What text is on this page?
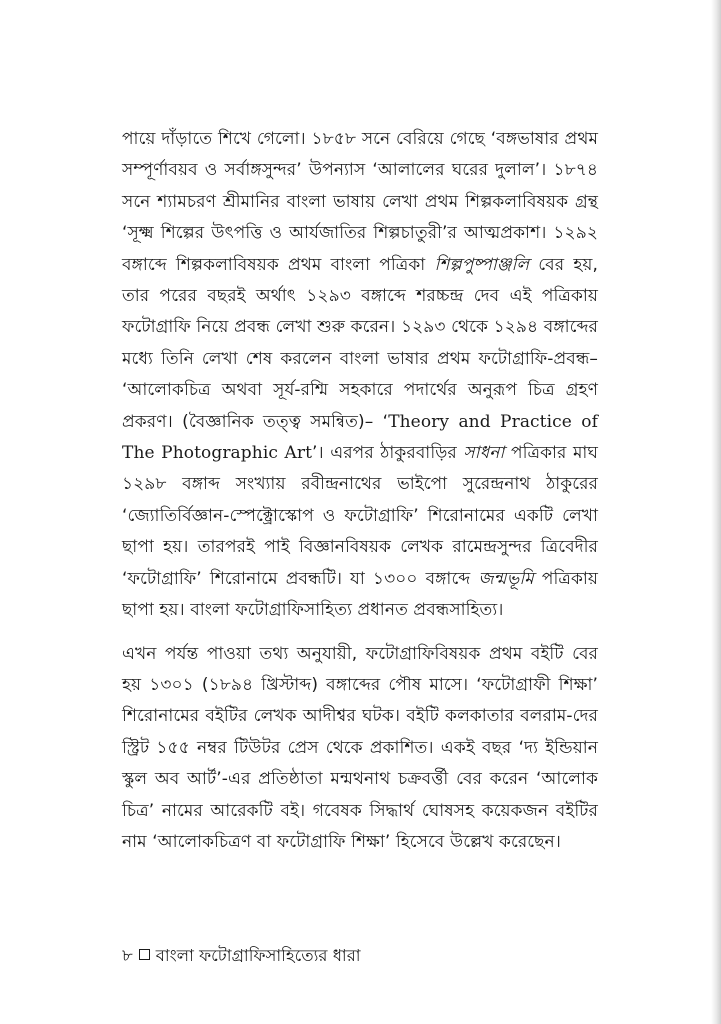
পায়ে দাঁড়াতে শিখে গেলো। ১৮৫৮ সনে বেরিয়ে গেছে ‘বঙ্গভাষার প্রথম সম্পূর্ণাবয়ব ও সর্বাঙ্গসুন্দর’ উপন্যাস ‘আলালের ঘরের দুলাল’। ১৮৭৪ সনে শ্যামচরণ শ্রীমানির বাংলা ভাষায় লেখা প্রথম শিল্পকলাবিষয়ক গ্রন্থ ‘সূক্ষ্ম শিল্পের উৎপত্তি ও আর্যজাতির শিল্পচাতুরী’র আত্মপ্রকাশ। ১২৯২ বঙ্গাব্দে শিল্পকলাবিষয়ক প্রথম বাংলা পত্রিকা শিল্পপুষ্পাঞ্জলি বের হয়, তার পরের বছরই অর্থাৎ ১২৯৩ বঙ্গাব্দে শরচ্চন্দ্র দেব এই পত্রিকায় ফটোগ্রাফি নিয়ে প্রবন্ধ লেখা শুরু করেন। ১২৯৩ থেকে ১২৯৪ বঙ্গাব্দের মধ্যে তিনি লেখা শেষ করলেন বাংলা ভাষার প্রথম ফটোগ্রাফি-প্রবন্ধ– ‘আলোকচিত্র অথবা সূর্য-রশ্মি সহকারে পদার্থের অনুরূপ চিত্র গ্রহণ প্রকরণ। (বৈজ্ঞানিক তত্ত্ব সমন্বিত)– ‘Theory and Practice of The Photographic Art’। এরপর ঠাকুরবাড়ির সাধনা পত্রিকার মাঘ ১২৯৮ বঙ্গাব্দ সংখ্যায় রবীন্দ্রনাথের ভাইপো সুরেন্দ্রনাথ ঠাকুরের ‘জ্যোতির্বিজ্ঞান-স্পেক্ট্রোস্কোপ ও ফটোগ্রাফি’ শিরোনামের একটি লেখা ছাপা হয়। তারপরই পাই বিজ্ঞানবিষয়ক লেখক রামেন্দ্রসুন্দর ত্রিবেদীর ‘ফটোগ্রাফি’ শিরোনামে প্রবন্ধটি। যা ১৩০০ বঙ্গাব্দে জন্মভূমি পত্রিকায় ছাপা হয়। বাংলা ফটোগ্রাফিসাহিত্য প্রধানত প্রবন্ধসাহিত্য।

এখন পর্যন্ত পাওয়া তথ্য অনুযায়ী, ফটোগ্রাফিবিষয়ক প্রথম বইটি বের হয় ১৩০১ (১৮৯৪ খ্রিস্টাব্দ) বঙ্গাব্দের পৌষ মাসে। ‘ফটোগ্রাফী শিক্ষা’ শিরোনামের বইটির লেখক আদীশ্বর ঘটক। বইটি কলকাতার বলরাম-দের স্ট্রিট ১৫৫ নম্বর টিউটর প্রেস থেকে প্রকাশিত। একই বছর ‘দ্য ইন্ডিয়ান স্কুল অব আর্ট’-এর প্রতিষ্ঠাতা মন্মথনাথ চক্রবর্ত্তী বের করেন ‘আলোক চিত্র’ নামের আরেকটি বই। গবেষক সিদ্ধার্থ ঘোষসহ কয়েকজন বইটির নাম ‘আলোকচিত্রণ বা ফটোগ্রাফি শিক্ষা’ হিসেবে উল্লেখ করেছেন।

৮ বাংলা ফটোগ্রাফিসাহিত্যের ধারা
